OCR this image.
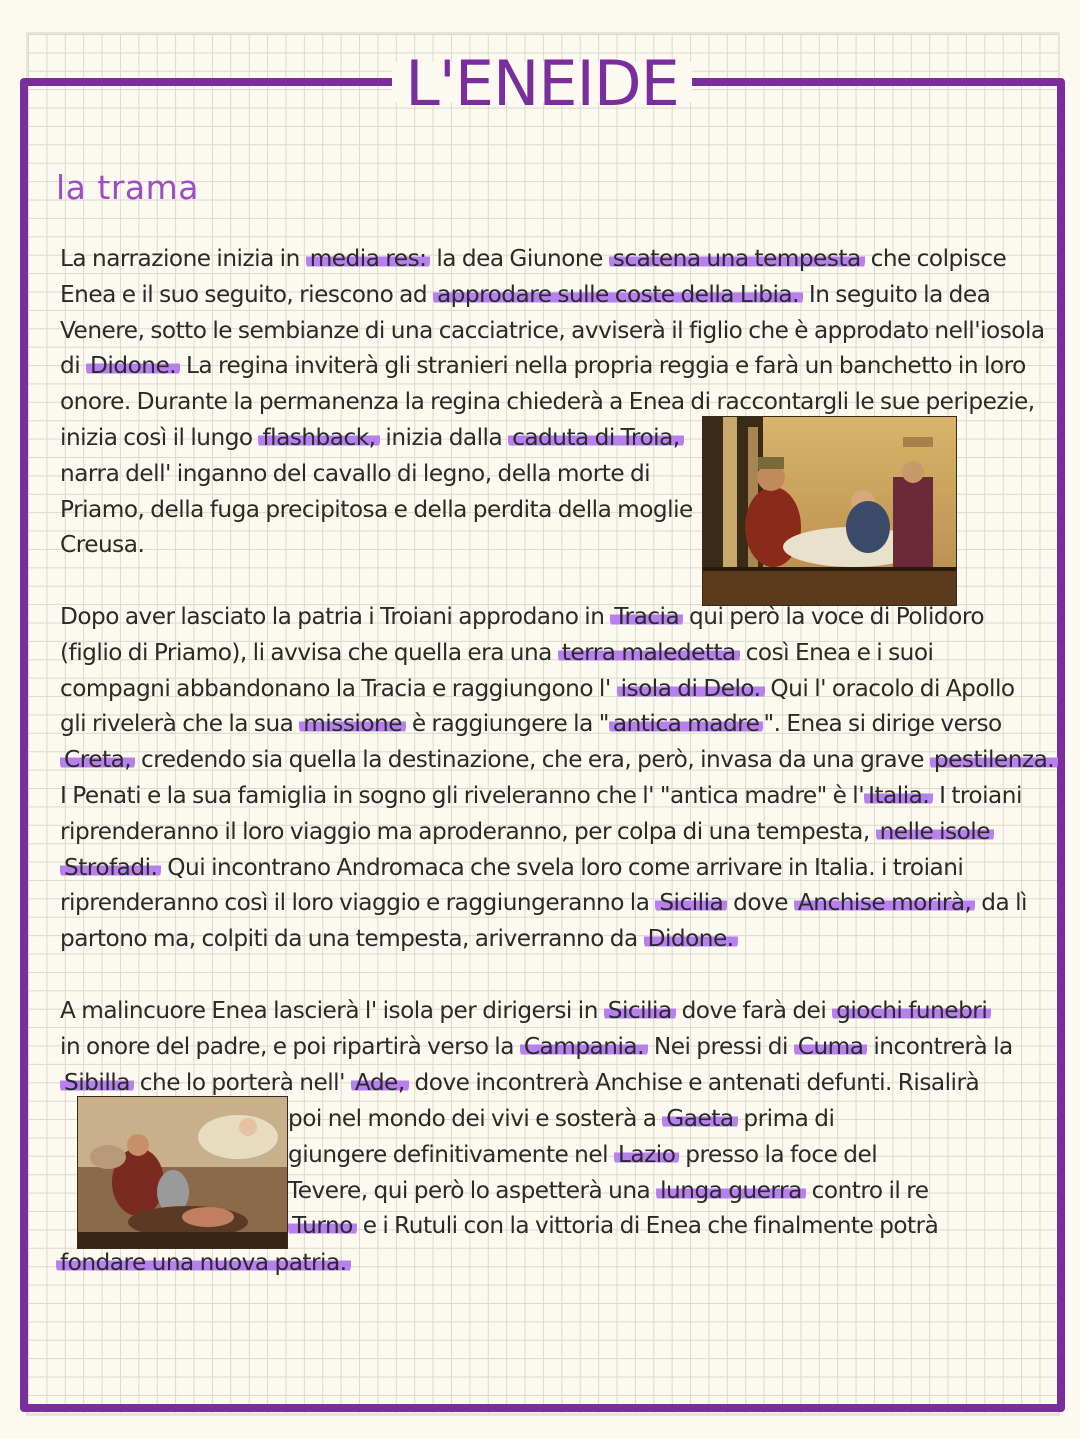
L'ENEIDE
la trama
La narrazione inizia in media res: la dea Giunone scatena una tempesta che colpisce
Enea e il suo seguito, riescono ad approdare sulle coste della Libia. In seguito la dea
Venere, sotto le sembianze di una cacciatrice, avviserà il figlio che è approdato nell'iosola
di Didone. La regina inviterà gli stranieri nella propria reggia e farà un banchetto in loro
onore. Durante la permanenza la regina chiederà a Enea di raccontargli le sue peripezie,
inizia così il lungo flashback, inizia dalla caduta di Troia,
narra dell' inganno del cavallo di legno, della morte di
Priamo, della fuga precipitosa e della perdita della moglie
Creusa.
Dopo aver lasciato la patria i Troiani approdano in Tracia qui però la voce di Polidoro
(figlio di Priamo), li avvisa che quella era una terra maledetta così Enea e i suoi
compagni abbandonano la Tracia e raggiungono l' isola di Delo. Qui l' oracolo di Apollo
gli rivelerà che la sua missione è raggiungere la " antica madre ". Enea si dirige verso
Creta, credendo sia quella la destinazione, che era, però, invasa da una grave pestilenza.
I Penati e la sua famiglia in sogno gli riveleranno che l' "antica madre" è l' Italia. I troiani
riprenderanno il loro viaggio ma aproderanno, per colpa di una tempesta, nelle isole
Strofadi. Qui incontrano Andromaca che svela loro come arrivare in Italia. i troiani
riprenderanno così il loro viaggio e raggiungeranno la Sicilia dove Anchise morirà, da lì
partono ma, colpiti da una tempesta, ariverranno da Didone.
A malincuore Enea lascierà l' isola per dirigersi in Sicilia dove farà dei giochi funebri
in onore del padre, e poi ripartirà verso la Campania. Nei pressi di Cuma incontrerà la
Sibilla che lo porterà nell' Ade, dove incontrerà Anchise e antenati defunti. Risalirà
poi nel mondo dei vivi e sosterà a Gaeta prima di
giungere definitivamente nel Lazio presso la foce del
Tevere, qui però lo aspetterà una lunga guerra contro il re
Turno e i Rutuli con la vittoria di Enea che finalmente potrà
fondare una nuova patria.
